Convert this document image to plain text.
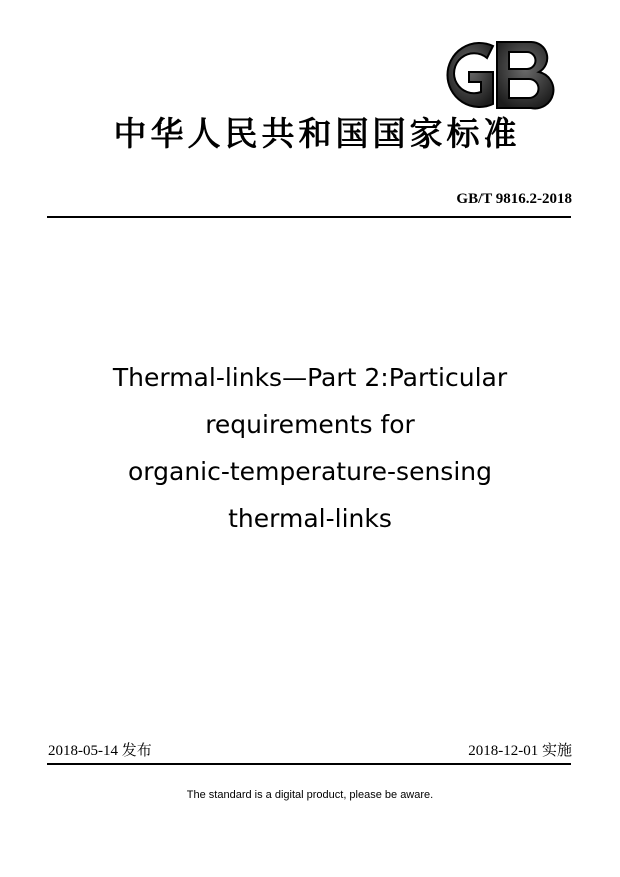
中华人民共和国国家标准
GB/T 9816.2-2018
Thermal-links—Part 2:Particular
requirements for
organic-temperature-sensing
thermal-links
2018-05-14 发布	2018-12-01 实施
The standard is a digital product, please be aware.
